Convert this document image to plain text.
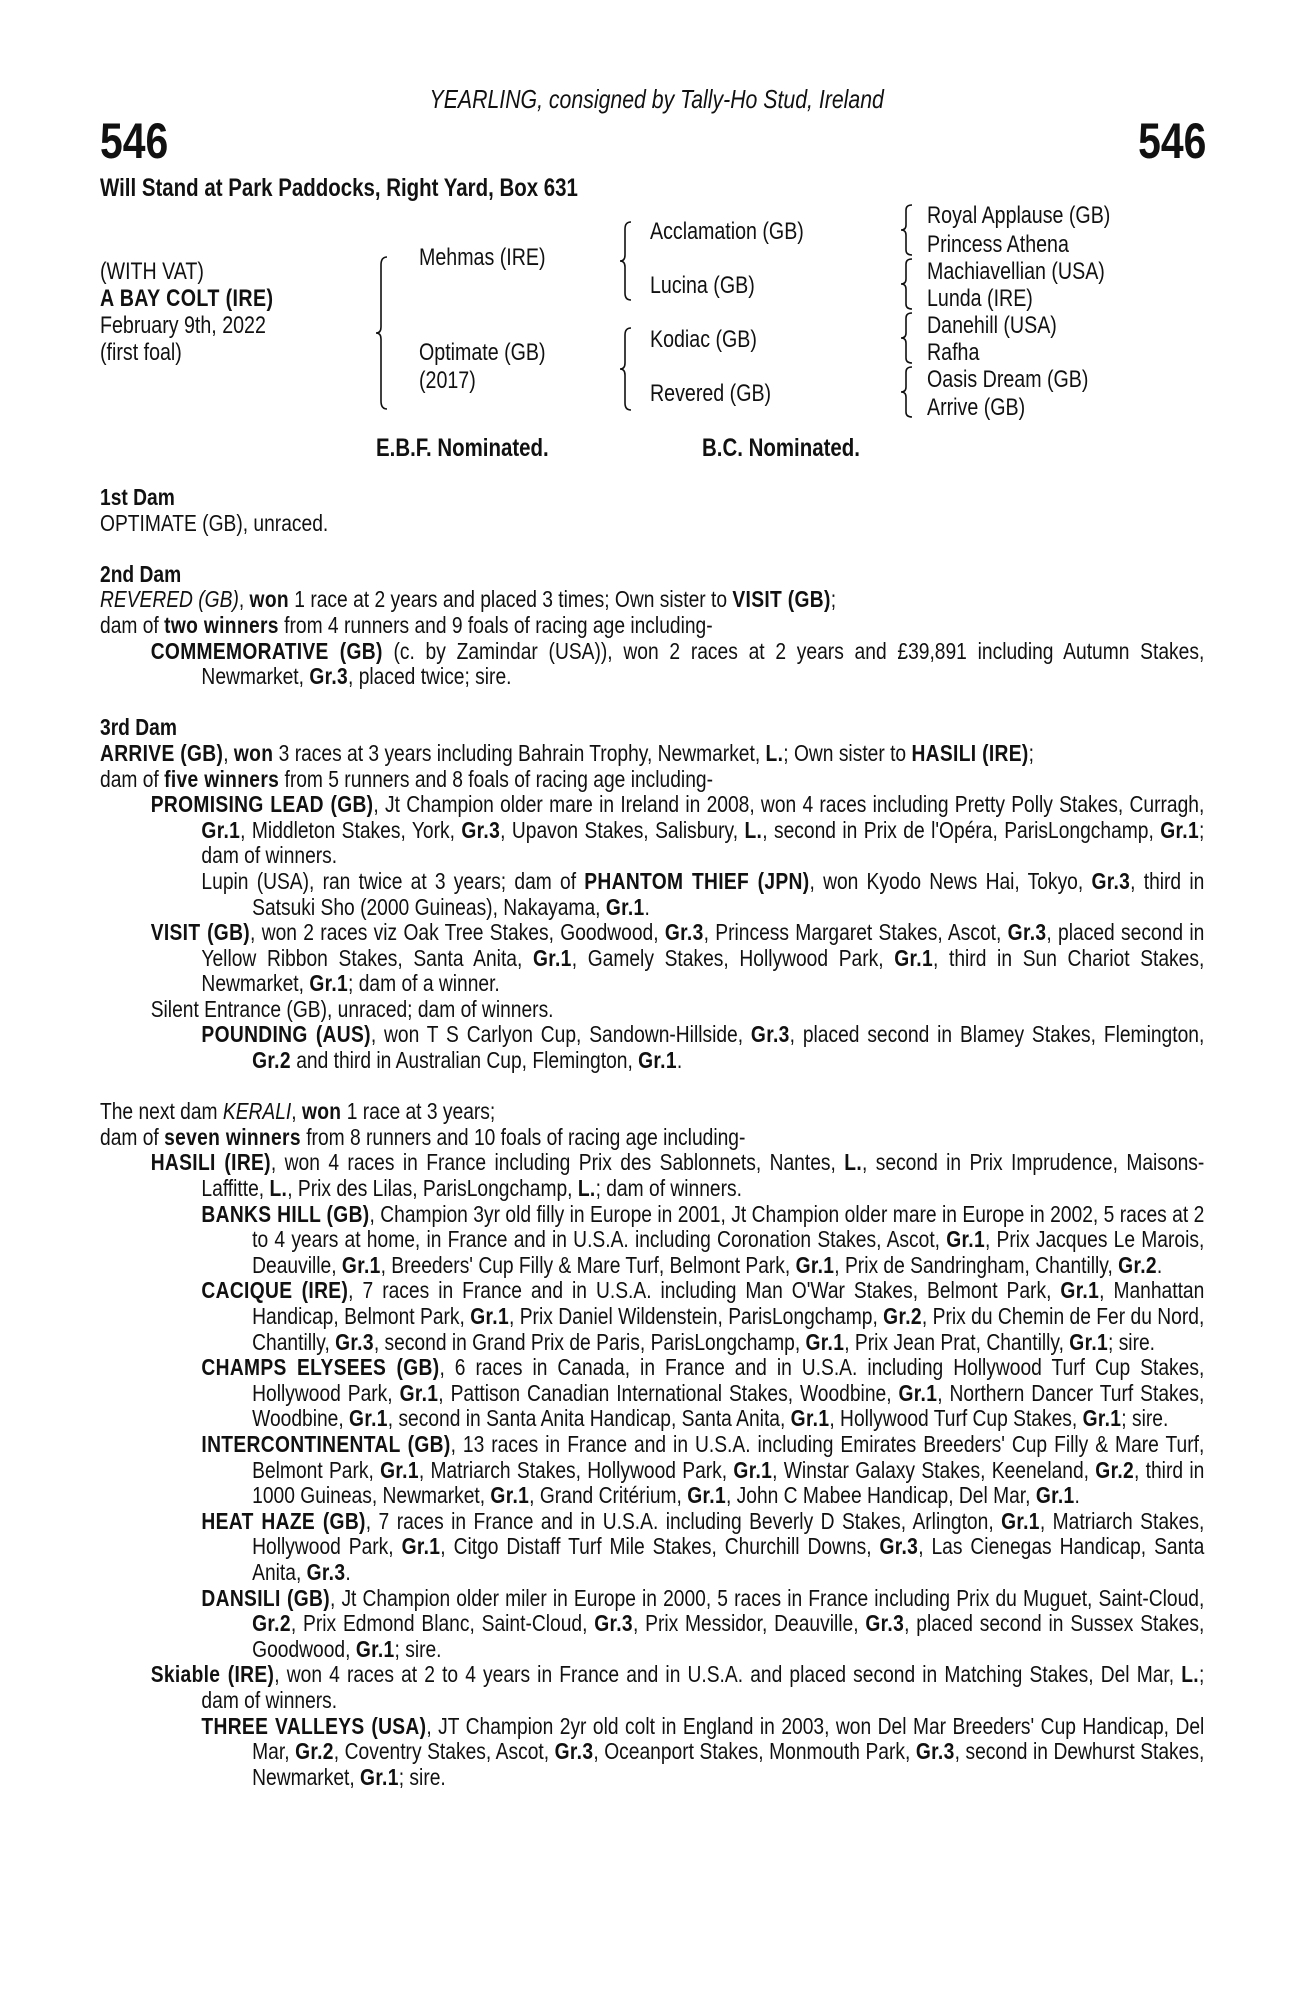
YEARLING, consigned by Tally-Ho Stud, Ireland
546	546
Will Stand at Park Paddocks, Right Yard, Box 631
(WITH VAT)
A BAY COLT (IRE)
February 9th, 2022
(first foal)
Mehmas (IRE)
Optimate (GB)
(2017)
Acclamation (GB)
Lucina (GB)
Kodiac (GB)
Revered (GB)
Royal Applause (GB)
Princess Athena
Machiavellian (USA)
Lunda (IRE)
Danehill (USA)
Rafha
Oasis Dream (GB)
Arrive (GB)
E.B.F. Nominated.	B.C. Nominated.
1st Dam
OPTIMATE (GB), unraced.
2nd Dam
REVERED (GB), won 1 race at 2 years and placed 3 times; Own sister to VISIT (GB);
dam of two winners from 4 runners and 9 foals of racing age including-
COMMEMORATIVE (GB) (c. by Zamindar (USA)), won 2 races at 2 years and £39,891 including Autumn Stakes, Newmarket, Gr.3, placed twice; sire.
3rd Dam
ARRIVE (GB), won 3 races at 3 years including Bahrain Trophy, Newmarket, L.; Own sister to HASILI (IRE);
dam of five winners from 5 runners and 8 foals of racing age including-
PROMISING LEAD (GB), Jt Champion older mare in Ireland in 2008, won 4 races including Pretty Polly Stakes, Curragh, Gr.1, Middleton Stakes, York, Gr.3, Upavon Stakes, Salisbury, L., second in Prix de l'Opéra, ParisLongchamp, Gr.1; dam of winners.
Lupin (USA), ran twice at 3 years; dam of PHANTOM THIEF (JPN), won Kyodo News Hai, Tokyo, Gr.3, third in Satsuki Sho (2000 Guineas), Nakayama, Gr.1.
VISIT (GB), won 2 races viz Oak Tree Stakes, Goodwood, Gr.3, Princess Margaret Stakes, Ascot, Gr.3, placed second in Yellow Ribbon Stakes, Santa Anita, Gr.1, Gamely Stakes, Hollywood Park, Gr.1, third in Sun Chariot Stakes, Newmarket, Gr.1; dam of a winner.
Silent Entrance (GB), unraced; dam of winners.
POUNDING (AUS), won T S Carlyon Cup, Sandown-Hillside, Gr.3, placed second in Blamey Stakes, Flemington, Gr.2 and third in Australian Cup, Flemington, Gr.1.
The next dam KERALI, won 1 race at 3 years;
dam of seven winners from 8 runners and 10 foals of racing age including-
HASILI (IRE), won 4 races in France including Prix des Sablonnets, Nantes, L., second in Prix Imprudence, Maisons-Laffitte, L., Prix des Lilas, ParisLongchamp, L.; dam of winners.
BANKS HILL (GB), Champion 3yr old filly in Europe in 2001, Jt Champion older mare in Europe in 2002, 5 races at 2 to 4 years at home, in France and in U.S.A. including Coronation Stakes, Ascot, Gr.1, Prix Jacques Le Marois, Deauville, Gr.1, Breeders' Cup Filly & Mare Turf, Belmont Park, Gr.1, Prix de Sandringham, Chantilly, Gr.2.
CACIQUE (IRE), 7 races in France and in U.S.A. including Man O'War Stakes, Belmont Park, Gr.1, Manhattan Handicap, Belmont Park, Gr.1, Prix Daniel Wildenstein, ParisLongchamp, Gr.2, Prix du Chemin de Fer du Nord, Chantilly, Gr.3, second in Grand Prix de Paris, ParisLongchamp, Gr.1, Prix Jean Prat, Chantilly, Gr.1; sire.
CHAMPS ELYSEES (GB), 6 races in Canada, in France and in U.S.A. including Hollywood Turf Cup Stakes, Hollywood Park, Gr.1, Pattison Canadian International Stakes, Woodbine, Gr.1, Northern Dancer Turf Stakes, Woodbine, Gr.1, second in Santa Anita Handicap, Santa Anita, Gr.1, Hollywood Turf Cup Stakes, Gr.1; sire.
INTERCONTINENTAL (GB), 13 races in France and in U.S.A. including Emirates Breeders' Cup Filly & Mare Turf, Belmont Park, Gr.1, Matriarch Stakes, Hollywood Park, Gr.1, Winstar Galaxy Stakes, Keeneland, Gr.2, third in 1000 Guineas, Newmarket, Gr.1, Grand Critérium, Gr.1, John C Mabee Handicap, Del Mar, Gr.1.
HEAT HAZE (GB), 7 races in France and in U.S.A. including Beverly D Stakes, Arlington, Gr.1, Matriarch Stakes, Hollywood Park, Gr.1, Citgo Distaff Turf Mile Stakes, Churchill Downs, Gr.3, Las Cienegas Handicap, Santa Anita, Gr.3.
DANSILI (GB), Jt Champion older miler in Europe in 2000, 5 races in France including Prix du Muguet, Saint-Cloud, Gr.2, Prix Edmond Blanc, Saint-Cloud, Gr.3, Prix Messidor, Deauville, Gr.3, placed second in Sussex Stakes, Goodwood, Gr.1; sire.
Skiable (IRE), won 4 races at 2 to 4 years in France and in U.S.A. and placed second in Matching Stakes, Del Mar, L.; dam of winners.
THREE VALLEYS (USA), JT Champion 2yr old colt in England in 2003, won Del Mar Breeders' Cup Handicap, Del Mar, Gr.2, Coventry Stakes, Ascot, Gr.3, Oceanport Stakes, Monmouth Park, Gr.3, second in Dewhurst Stakes, Newmarket, Gr.1; sire.
